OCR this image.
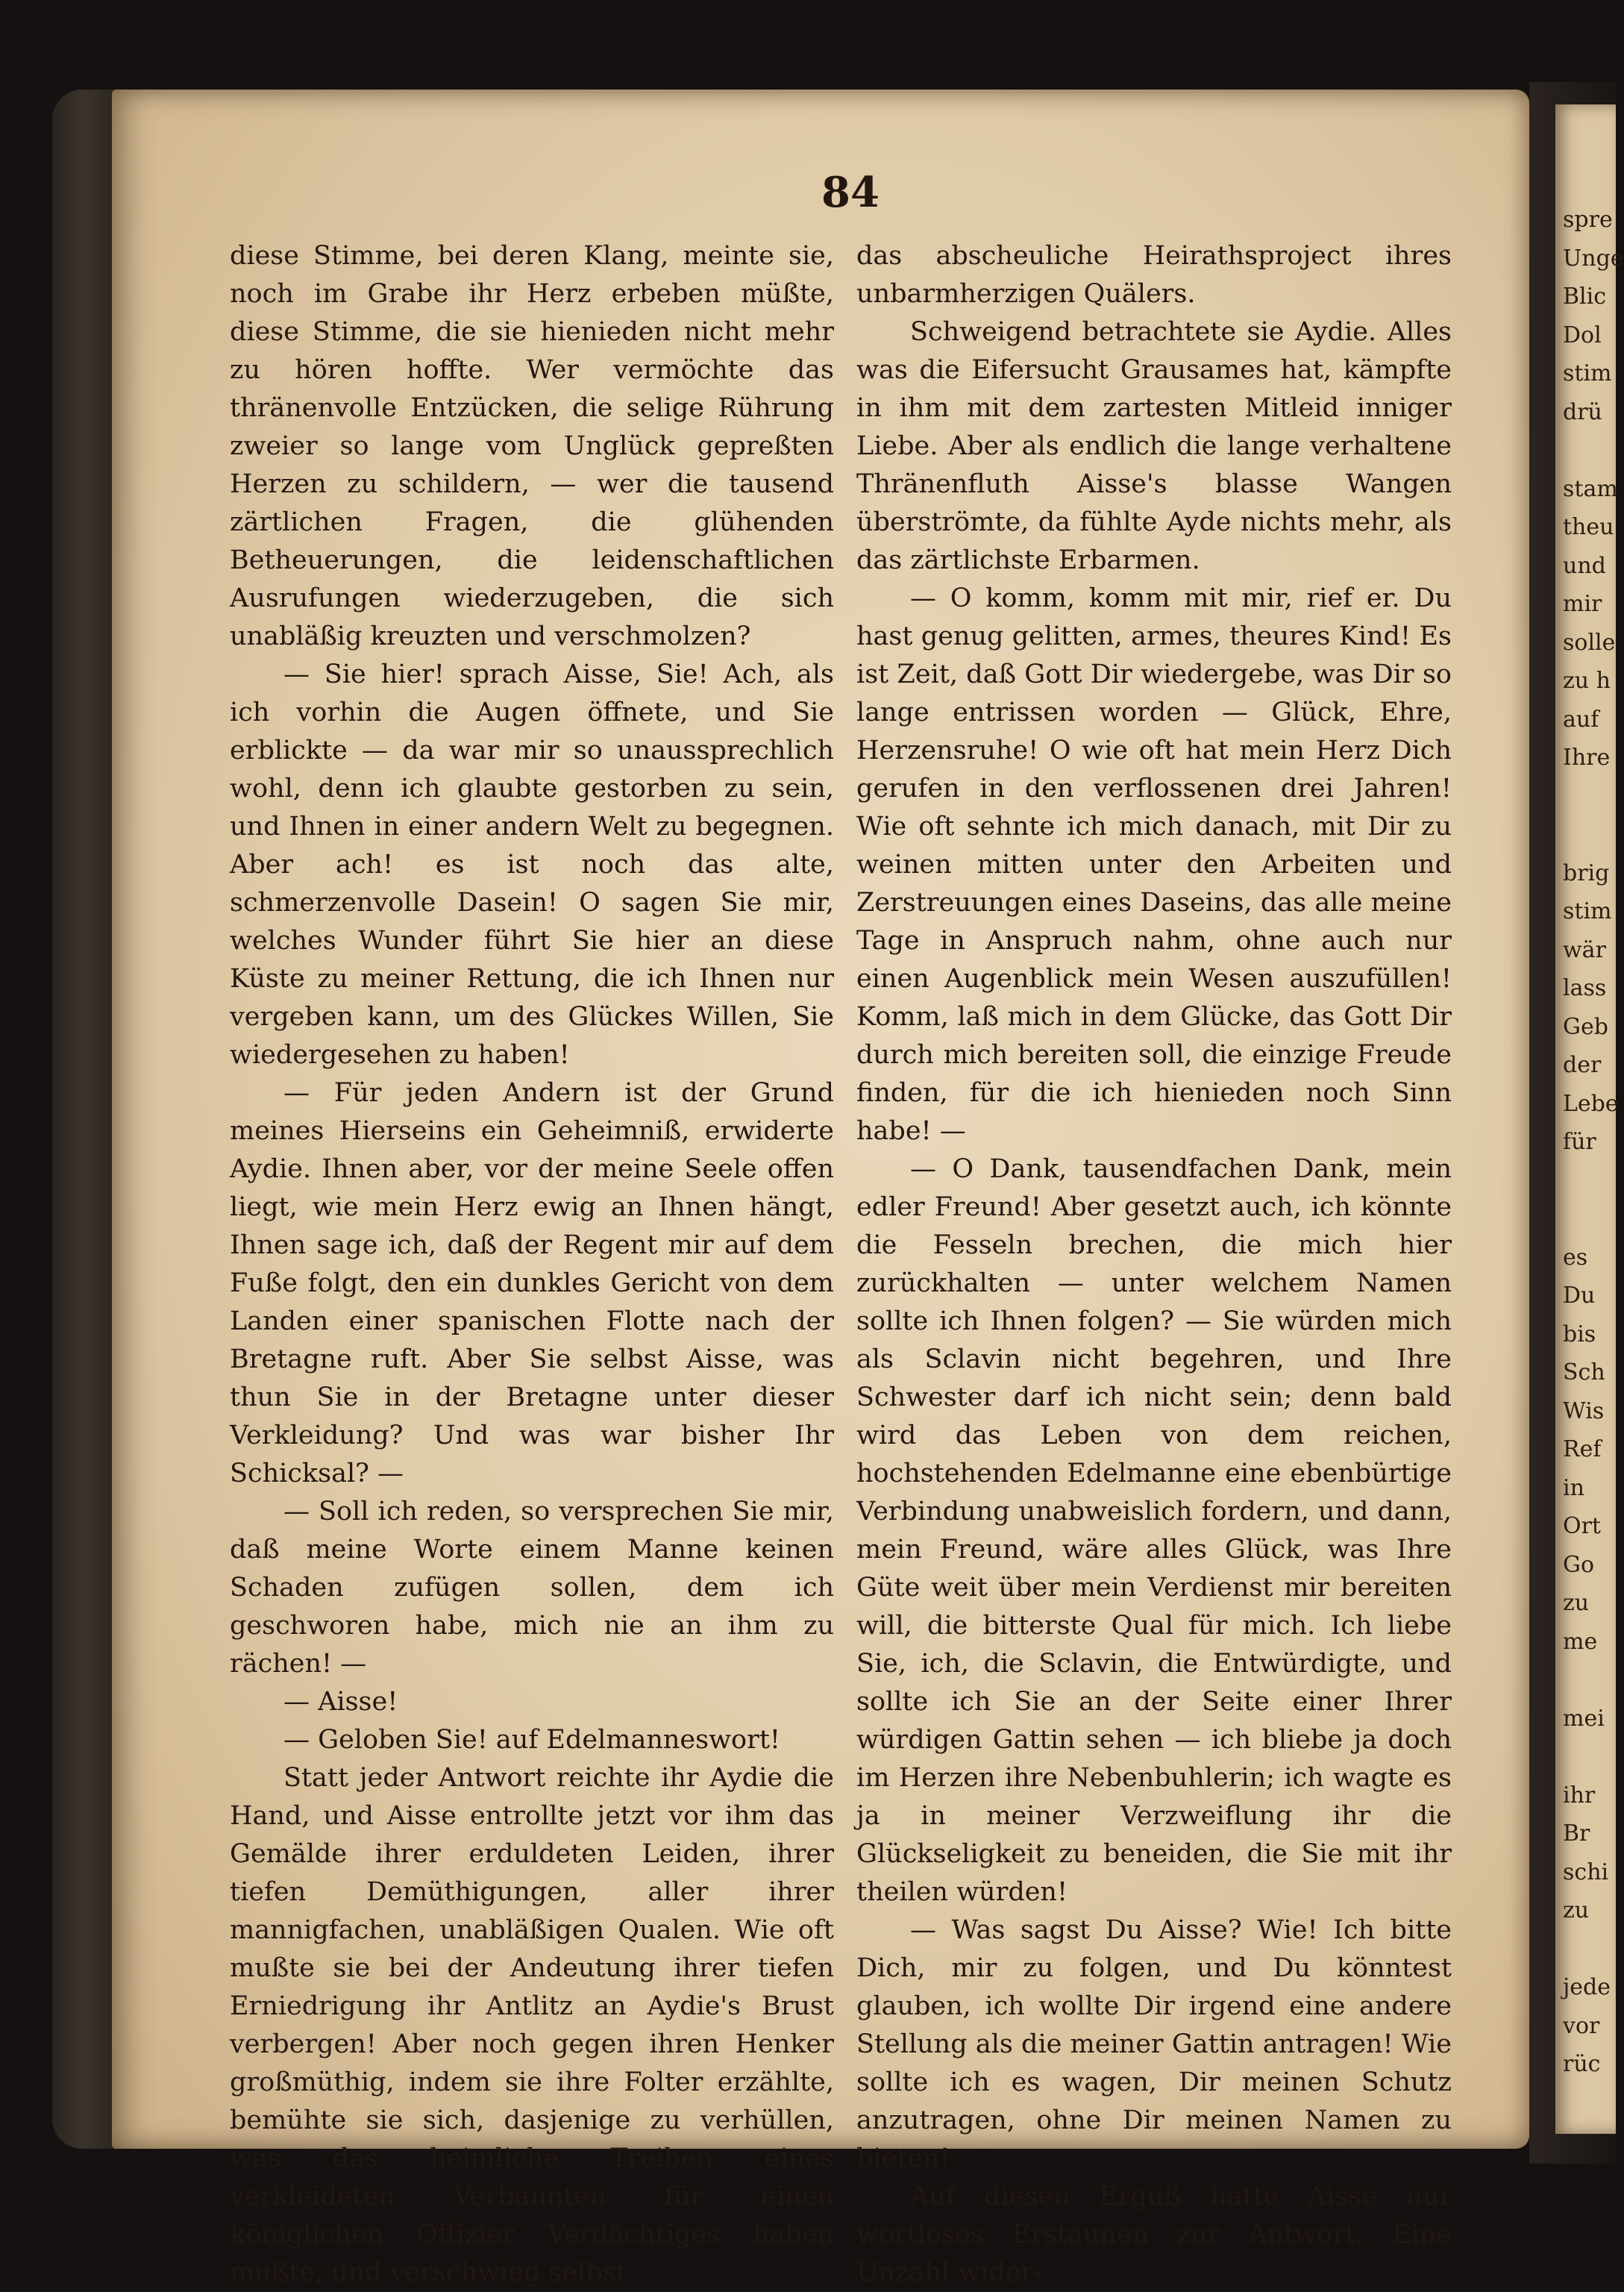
84

diese Stimme, bei deren Klang, meinte sie, noch im Grabe ihr Herz erbeben müßte, diese Stimme, die sie hienieden nicht mehr zu hören hoffte. Wer vermöchte das thränenvolle Entzücken, die selige Rührung zweier so lange vom Unglück gepreßten Herzen zu schildern, — wer die tausend zärtlichen Fragen, die glühenden Betheuerungen, die leidenschaftlichen Ausrufungen wiederzugeben, die sich unabläßig kreuzten und verschmolzen?

— Sie hier! sprach Aisse, Sie! Ach, als ich vorhin die Augen öffnete, und Sie erblickte — da war mir so unaussprechlich wohl, denn ich glaubte gestorben zu sein, und Ihnen in einer andern Welt zu begegnen. Aber ach! es ist noch das alte, schmerzenvolle Dasein! O sagen Sie mir, welches Wunder führt Sie hier an diese Küste zu meiner Rettung, die ich Ihnen nur vergeben kann, um des Glückes Willen, Sie wiedergesehen zu haben!

— Für jeden Andern ist der Grund meines Hierseins ein Geheimniß, erwiderte Aydie. Ihnen aber, vor der meine Seele offen liegt, wie mein Herz ewig an Ihnen hängt, Ihnen sage ich, daß der Regent mir auf dem Fuße folgt, den ein dunkles Gericht von dem Landen einer spanischen Flotte nach der Bretagne ruft. Aber Sie selbst Aisse, was thun Sie in der Bretagne unter dieser Verkleidung? Und was war bisher Ihr Schicksal? —

— Soll ich reden, so versprechen Sie mir, daß meine Worte einem Manne keinen Schaden zufügen sollen, dem ich geschworen habe, mich nie an ihm zu rächen! —

— Aisse!

— Geloben Sie! auf Edelmanneswort!

Statt jeder Antwort reichte ihr Aydie die Hand, und Aisse entrollte jetzt vor ihm das Gemälde ihrer erduldeten Leiden, ihrer tiefen Demüthigungen, aller ihrer mannigfachen, unabläßigen Qualen. Wie oft mußte sie bei der Andeutung ihrer tiefen Erniedrigung ihr Antlitz an Aydie's Brust verbergen! Aber noch gegen ihren Henker großmüthig, indem sie ihre Folter erzählte, bemühte sie sich, dasjenige zu verhüllen, was das heimliche Treiben eines verkleideten Verbannten für einen königlichen Offizier Verdächtiges haben mußte, und verschwieg selbst

das abscheuliche Heirathsproject ihres unbarmherzigen Quälers.

Schweigend betrachtete sie Aydie. Alles was die Eifersucht Grausames hat, kämpfte in ihm mit dem zartesten Mitleid inniger Liebe. Aber als endlich die lange verhaltene Thränenfluth Aisse's blasse Wangen überströmte, da fühlte Ayde nichts mehr, als das zärtlichste Erbarmen.

— O komm, komm mit mir, rief er. Du hast genug gelitten, armes, theures Kind! Es ist Zeit, daß Gott Dir wiedergebe, was Dir so lange entrissen worden — Glück, Ehre, Herzensruhe! O wie oft hat mein Herz Dich gerufen in den verflossenen drei Jahren! Wie oft sehnte ich mich danach, mit Dir zu weinen mitten unter den Arbeiten und Zerstreuungen eines Daseins, das alle meine Tage in Anspruch nahm, ohne auch nur einen Augenblick mein Wesen auszufüllen! Komm, laß mich in dem Glücke, das Gott Dir durch mich bereiten soll, die einzige Freude finden, für die ich hienieden noch Sinn habe! —

— O Dank, tausendfachen Dank, mein edler Freund! Aber gesetzt auch, ich könnte die Fesseln brechen, die mich hier zurückhalten — unter welchem Namen sollte ich Ihnen folgen? — Sie würden mich als Sclavin nicht begehren, und Ihre Schwester darf ich nicht sein; denn bald wird das Leben von dem reichen, hochstehenden Edelmanne eine ebenbürtige Verbindung unabweislich fordern, und dann, mein Freund, wäre alles Glück, was Ihre Güte weit über mein Verdienst mir bereiten will, die bitterste Qual für mich. Ich liebe Sie, ich, die Sclavin, die Entwürdigte, und sollte ich Sie an der Seite einer Ihrer würdigen Gattin sehen — ich bliebe ja doch im Herzen ihre Nebenbuhlerin; ich wagte es ja in meiner Verzweiflung ihr die Glückseligkeit zu beneiden, die Sie mit ihr theilen würden!

— Was sagst Du Aisse? Wie! Ich bitte Dich, mir zu folgen, und Du könntest glauben, ich wollte Dir irgend eine andere Stellung als die meiner Gattin antragen! Wie sollte ich es wagen, Dir meinen Schutz anzutragen, ohne Dir meinen Namen zu bieten!

Auf diesen Erguß hatte Aisse nur wortloses Erstaunen zur Antwort. Eine Unzahl wider-

spre
Unge
Blic
Dol
stim
drü
stam
theu
und
mir
solle
zu h
auf
Ihre
brig
stim
wär
lass
Geb
der
Lebe
für
es
Du
bis
Sch
Wis
Ref
in
Ort
Go
zu
me
mei
ihr
Br
schi
zu
jede
vor
rüc
